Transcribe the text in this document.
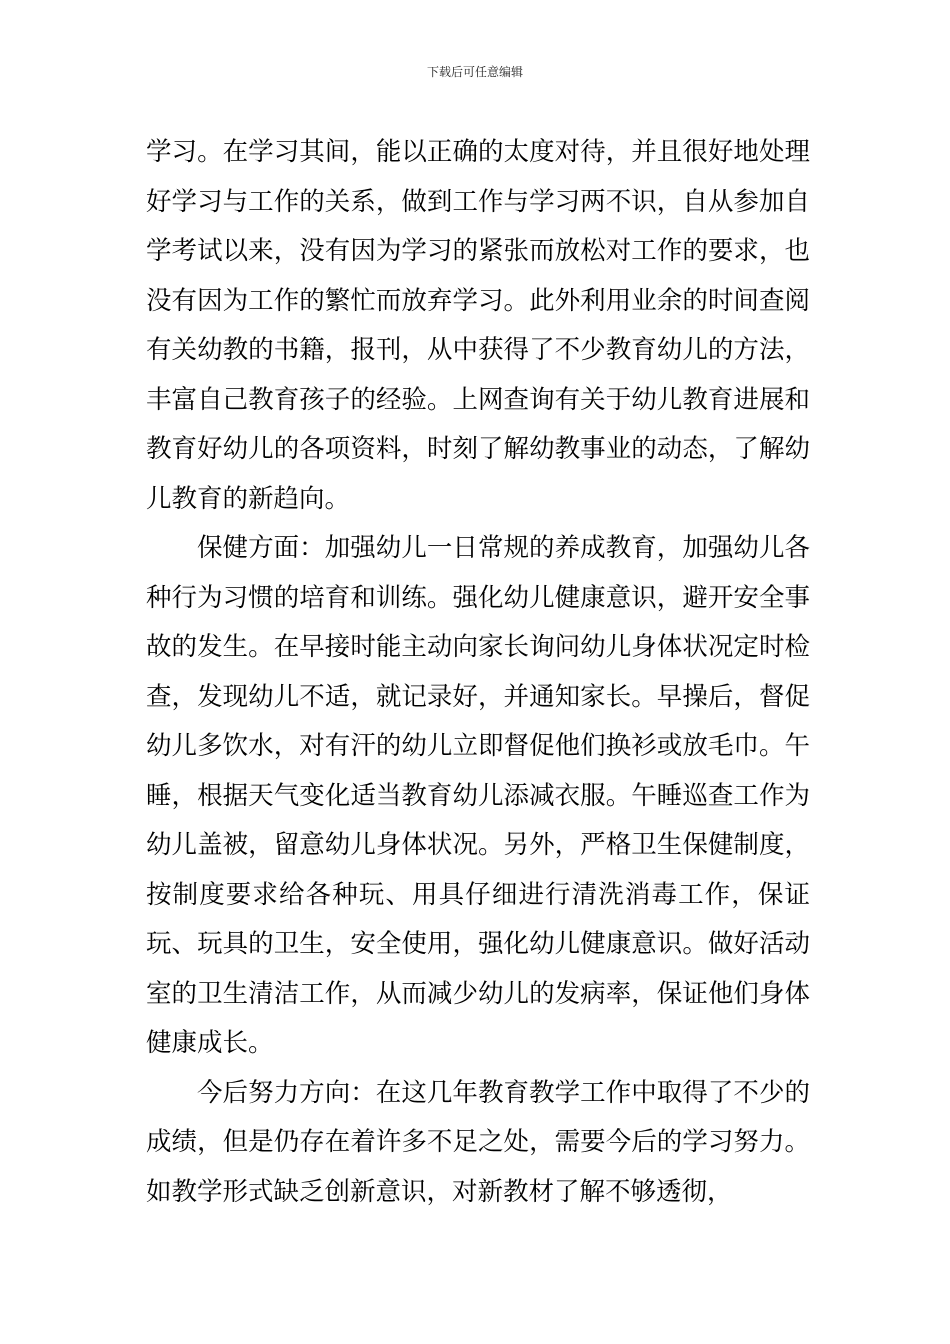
下载后可任意编辑

学习。在学习其间，能以正确的太度对待，并且很好地处理好学习与工作的关系，做到工作与学习两不识，自从参加自学考试以来，没有因为学习的紧张而放松对工作的要求，也没有因为工作的繁忙而放弃学习。此外利用业余的时间查阅有关幼教的书籍，报刊，从中获得了不少教育幼儿的方法，丰富自己教育孩子的经验。上网查询有关于幼儿教育进展和教育好幼儿的各项资料，时刻了解幼教事业的动态，了解幼儿教育的新趋向。

保健方面：加强幼儿一日常规的养成教育，加强幼儿各种行为习惯的培育和训练。强化幼儿健康意识，避开安全事故的发生。在早接时能主动向家长询问幼儿身体状况定时检查，发现幼儿不适，就记录好，并通知家长。早操后，督促幼儿多饮水，对有汗的幼儿立即督促他们换衫或放毛巾。午睡，根据天气变化适当教育幼儿添减衣服。午睡巡查工作为幼儿盖被，留意幼儿身体状况。另外，严格卫生保健制度，按制度要求给各种玩、用具仔细进行清洗消毒工作，保证玩、玩具的卫生，安全使用，强化幼儿健康意识。做好活动室的卫生清洁工作，从而减少幼儿的发病率，保证他们身体健康成长。

今后努力方向：在这几年教育教学工作中取得了不少的成绩，但是仍存在着许多不足之处，需要今后的学习努力。如教学形式缺乏创新意识，对新教材了解不够透彻，
